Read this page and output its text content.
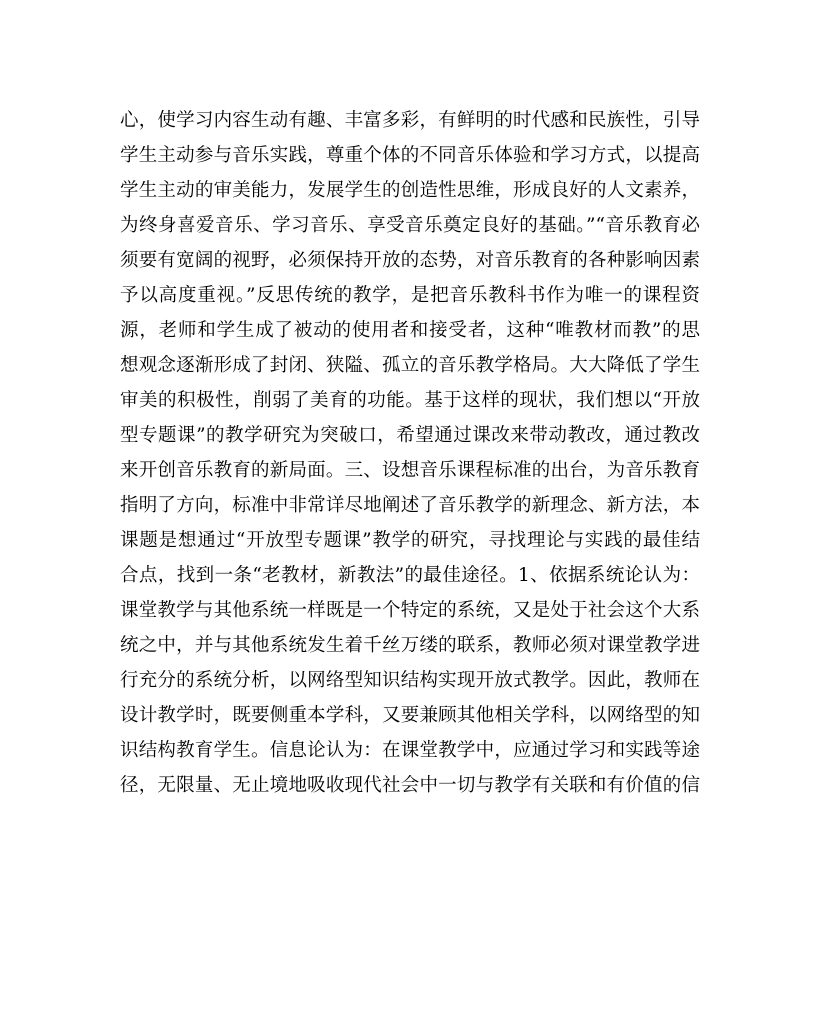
心，使学习内容生动有趣、丰富多彩，有鲜明的时代感和民族性，引导
学生主动参与音乐实践，尊重个体的不同音乐体验和学习方式，以提高
学生主动的审美能力，发展学生的创造性思维，形成良好的人文素养，
为终身喜爱音乐、学习音乐、享受音乐奠定良好的基础。”“音乐教育必
须要有宽阔的视野，必须保持开放的态势，对音乐教育的各种影响因素
予以高度重视。”反思传统的教学，是把音乐教科书作为唯一的课程资
源，老师和学生成了被动的使用者和接受者，这种“唯教材而教”的思
想观念逐渐形成了封闭、狭隘、孤立的音乐教学格局。大大降低了学生
审美的积极性，削弱了美育的功能。基于这样的现状，我们想以“开放
型专题课”的教学研究为突破口，希望通过课改来带动教改，通过教改
来开创音乐教育的新局面。三、设想音乐课程标准的出台，为音乐教育
指明了方向，标准中非常详尽地阐述了音乐教学的新理念、新方法，本
课题是想通过“开放型专题课”教学的研究，寻找理论与实践的最佳结
合点，找到一条“老教材，新教法”的最佳途径。1、依据系统论认为：
课堂教学与其他系统一样既是一个特定的系统，又是处于社会这个大系
统之中，并与其他系统发生着千丝万缕的联系，教师必须对课堂教学进
行充分的系统分析，以网络型知识结构实现开放式教学。因此，教师在
设计教学时，既要侧重本学科，又要兼顾其他相关学科，以网络型的知
识结构教育学生。信息论认为：在课堂教学中，应通过学习和实践等途
径，无限量、无止境地吸收现代社会中一切与教学有关联和有价值的信
